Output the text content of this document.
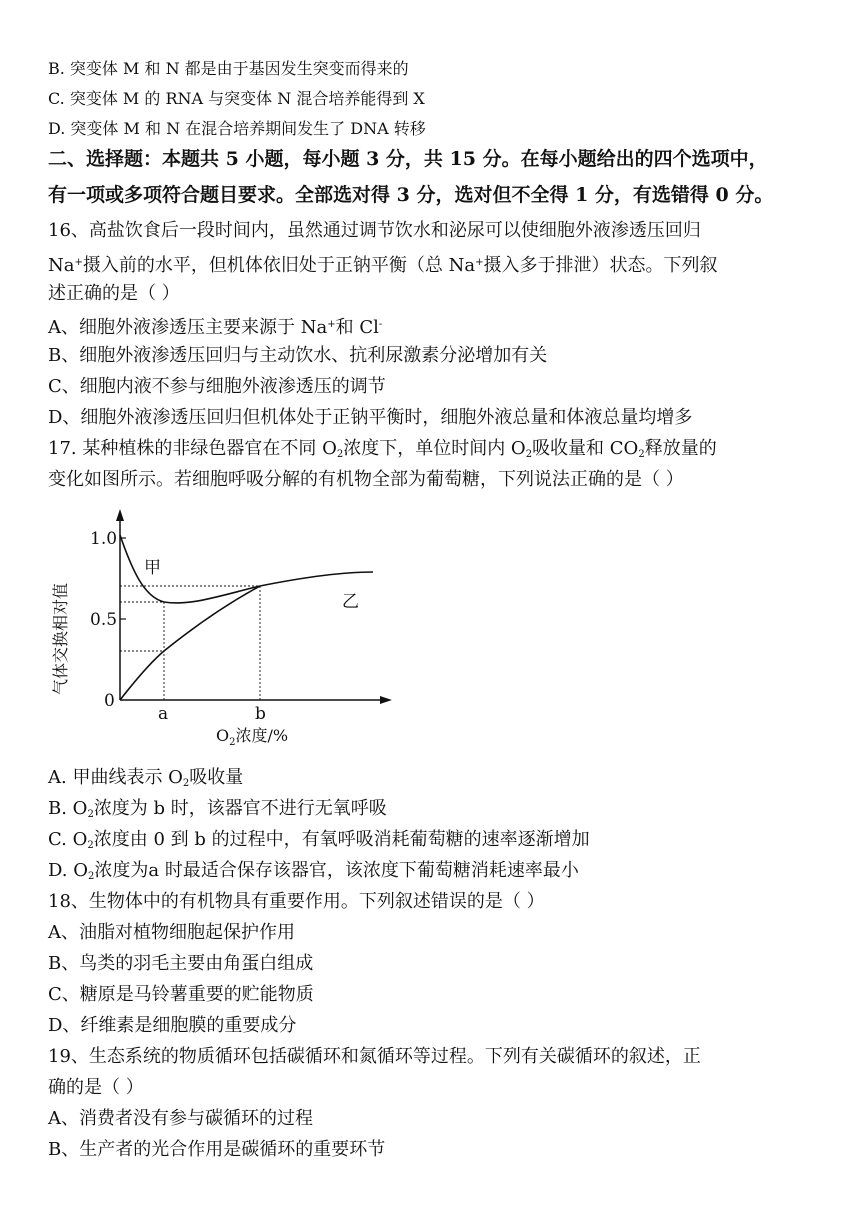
B. 突变体 M 和 N 都是由于基因发生突变而得来的
C. 突变体 M 的 RNA 与突变体 N 混合培养能得到 X
D. 突变体 M 和 N 在混合培养期间发生了 DNA 转移
二、选择题：本题共 5 小题，每小题 3 分，共 15 分。在每小题给出的四个选项中，
有一项或多项符合题目要求。全部选对得 3 分，选对但不全得 1 分，有选错得 0 分。
16、高盐饮食后一段时间内，虽然通过调节饮水和泌尿可以使细胞外液渗透压回归
Na+摄入前的水平，但机体依旧处于正钠平衡（总 Na+摄入多于排泄）状态。下列叙
述正确的是（ ）
A、细胞外液渗透压主要来源于 Na+和 Cl-
B、细胞外液渗透压回归与主动饮水、抗利尿激素分泌增加有关
C、细胞内液不参与细胞外液渗透压的调节
D、细胞外液渗透压回归但机体处于正钠平衡时，细胞外液总量和体液总量均增多
17. 某种植株的非绿色器官在不同 $O_2$浓度下，单位时间内 $O_2$吸收量和 $CO_2$释放量的
变化如图所示。若细胞呼吸分解的有机物全部为葡萄糖，下列说法正确的是（ ）
1.0
0.5
0
a	b
甲
乙
$O_2$浓度/%
气体交换相对值
A. 甲曲线表示 $O_2$吸收量
B. $O_2$浓度为 b 时，该器官不进行无氧呼吸
C. $O_2$浓度由 0 到 b 的过程中，有氧呼吸消耗葡萄糖的速率逐渐增加
D. $O_2$浓度为a 时最适合保存该器官，该浓度下葡萄糖消耗速率最小
18、生物体中的有机物具有重要作用。下列叙述错误的是（ ）
A、油脂对植物细胞起保护作用
B、鸟类的羽毛主要由角蛋白组成
C、糖原是马铃薯重要的贮能物质
D、纤维素是细胞膜的重要成分
19、生态系统的物质循环包括碳循环和氮循环等过程。下列有关碳循环的叙述，正
确的是（ ）
A、消费者没有参与碳循环的过程
B、生产者的光合作用是碳循环的重要环节
